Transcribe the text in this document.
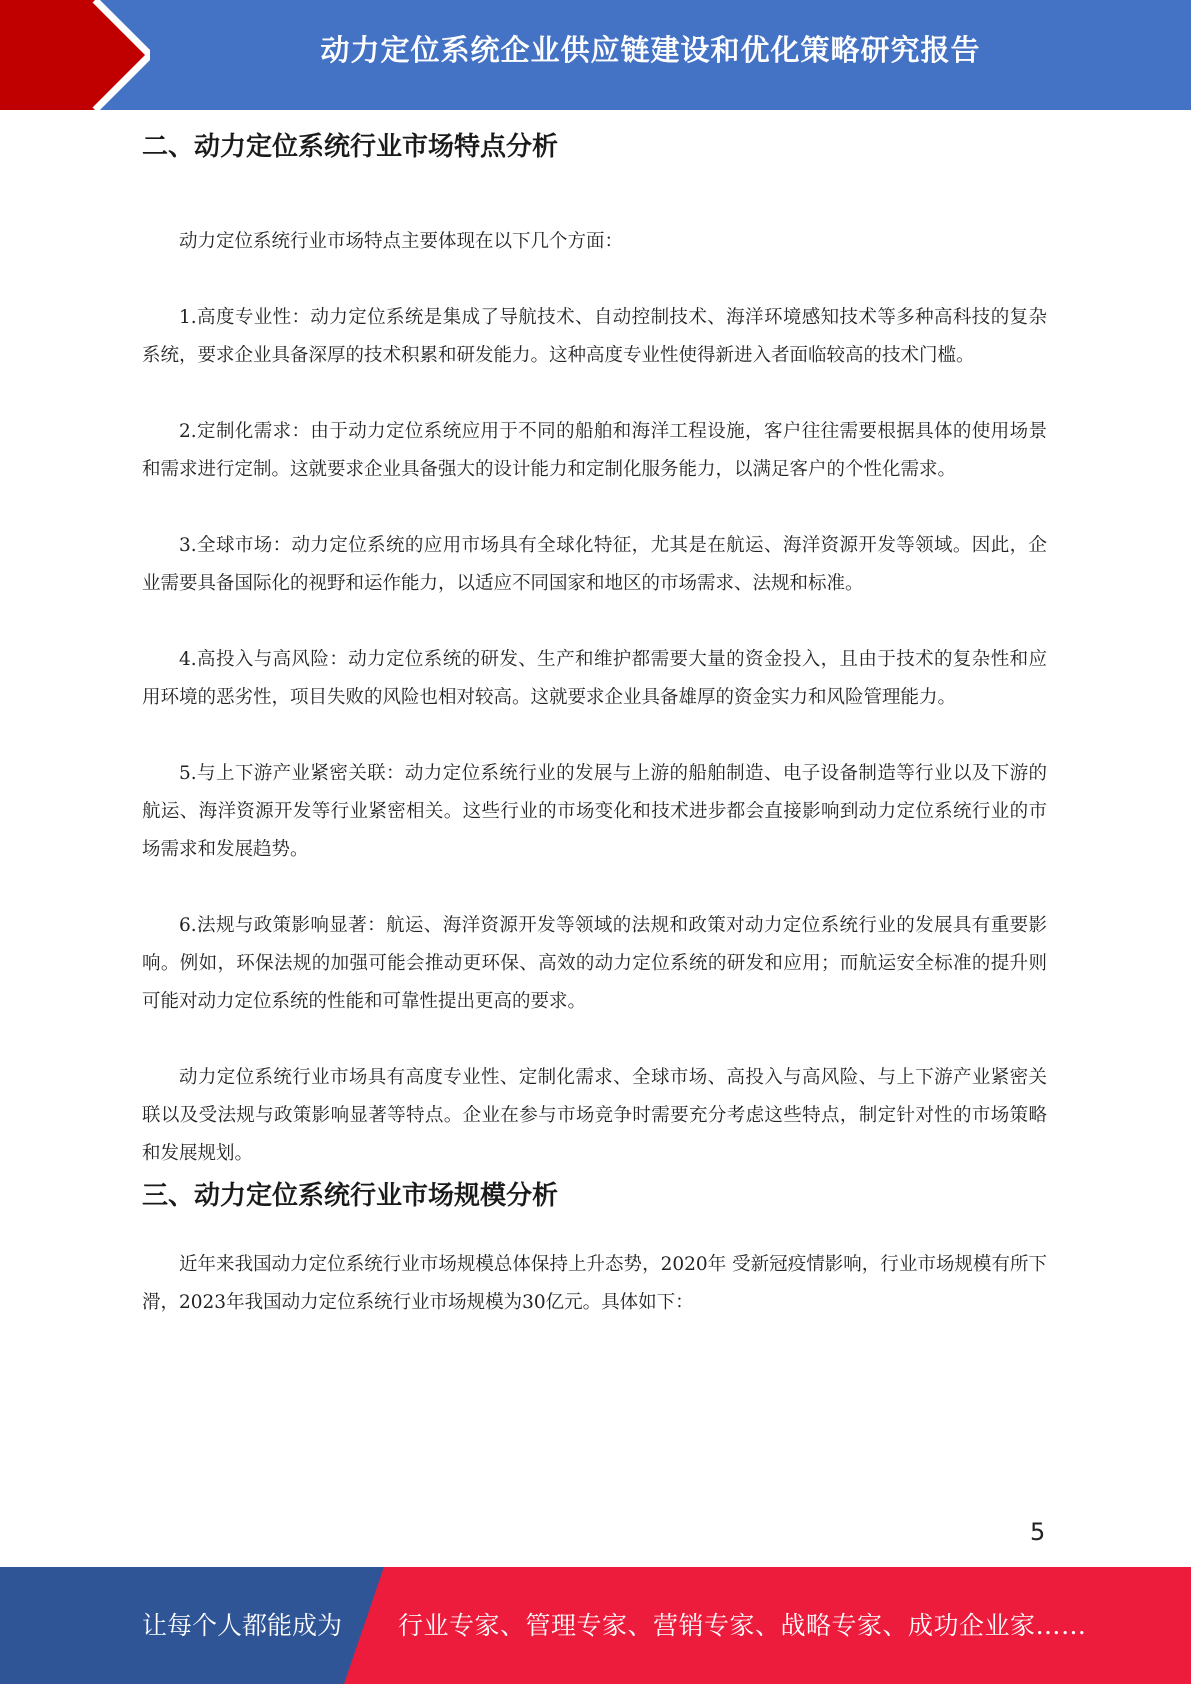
动力定位系统企业供应链建设和优化策略研究报告
二、动力定位系统行业市场特点分析

动力定位系统行业市场特点主要体现在以下几个方面：

1.高度专业性：动力定位系统是集成了导航技术、自动控制技术、海洋环境感知技术等多种高科技的复杂系统，要求企业具备深厚的技术积累和研发能力。这种高度专业性使得新进入者面临较高的技术门槛。

2.定制化需求：由于动力定位系统应用于不同的船舶和海洋工程设施，客户往往需要根据具体的使用场景和需求进行定制。这就要求企业具备强大的设计能力和定制化服务能力，以满足客户的个性化需求。

3.全球市场：动力定位系统的应用市场具有全球化特征，尤其是在航运、海洋资源开发等领域。因此，企业需要具备国际化的视野和运作能力，以适应不同国家和地区的市场需求、法规和标准。

4.高投入与高风险：动力定位系统的研发、生产和维护都需要大量的资金投入，且由于技术的复杂性和应用环境的恶劣性，项目失败的风险也相对较高。这就要求企业具备雄厚的资金实力和风险管理能力。

5.与上下游产业紧密关联：动力定位系统行业的发展与上游的船舶制造、电子设备制造等行业以及下游的航运、海洋资源开发等行业紧密相关。这些行业的市场变化和技术进步都会直接影响到动力定位系统行业的市场需求和发展趋势。

6.法规与政策影响显著：航运、海洋资源开发等领域的法规和政策对动力定位系统行业的发展具有重要影响。例如，环保法规的加强可能会推动更环保、高效的动力定位系统的研发和应用；而航运安全标准的提升则可能对动力定位系统的性能和可靠性提出更高的要求。

动力定位系统行业市场具有高度专业性、定制化需求、全球市场、高投入与高风险、与上下游产业紧密关联以及受法规与政策影响显著等特点。企业在参与市场竞争时需要充分考虑这些特点，制定针对性的市场策略和发展规划。

三、动力定位系统行业市场规模分析

近年来我国动力定位系统行业市场规模总体保持上升态势，2020年 受新冠疫情影响，行业市场规模有所下滑，2023年我国动力定位系统行业市场规模为30亿元。具体如下：

5
让每个人都能成为 行业专家、管理专家、营销专家、战略专家、成功企业家……
